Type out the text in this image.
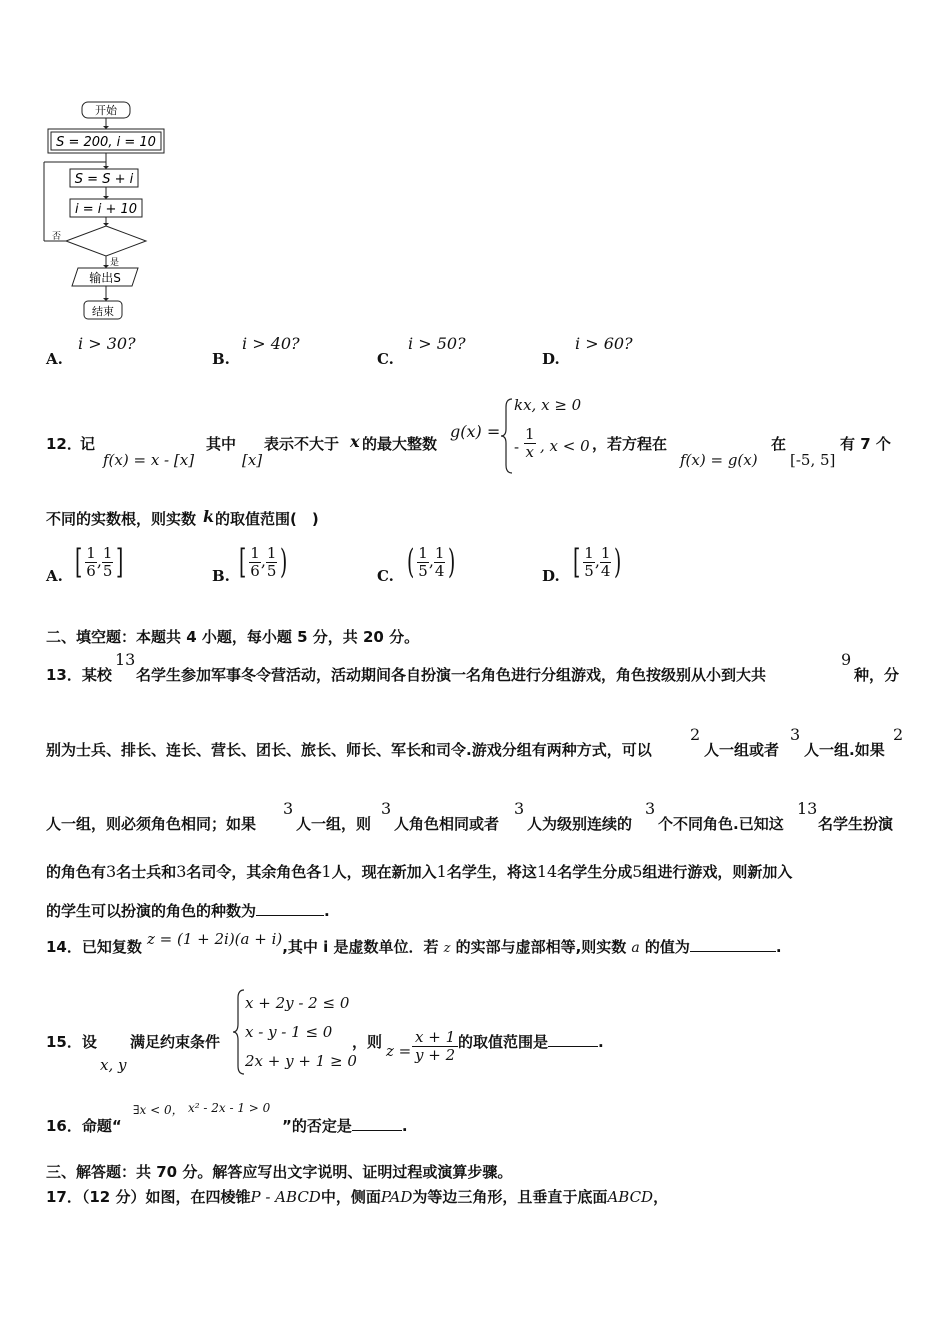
开始
S = 200, i = 10
S = S + i
i = i + 10
否
是
输出S
结束
A.
i > 30?
B.
i > 40?
C.
i > 50?
D.
i > 60?
12．
记
f(x) = x - [x]
其中
[x]
表示不大于 x 的最大整数
g(x) =
kx, x ≥ 0
- $\frac{1}{x}$ , x < 0 ，若方程在
f(x) = g(x)
在
[-5, 5]
有 7 个
不同的实数根，则实数 k 的取值范围(　)
A. [ $\frac{1}{6}$ , $\frac{1}{5}$ ]	B. [ $\frac{1}{6}$ , $\frac{1}{5}$ )	C. ( $\frac{1}{5}$ , $\frac{1}{4}$ )	D. [ $\frac{1}{5}$ , $\frac{1}{4}$ )
二、填空题：本题共 4 小题，每小题 5 分，共 20 分。
13．某校
13
名学生参加军事冬令营活动，活动期间各自扮演一名角色进行分组游戏，角色按级别从小到大共
9
种，分
别为士兵、排长、连长、营长、团长、旅长、师长、军长和司令.游戏分组有两种方式，可以
2
人一组或者
3
人一组.如果
2
人一组，则必须角色相同；如果
3
人一组，则
3
人角色相同或者
3
人为级别连续的
3
个不同角色.已知这
13
名学生扮演
的角色有3名士兵和3名司令，其余角色各1人，现在新加入1名学生，将这14名学生分成5组进行游戏，则新加入
的学生可以扮演的角色的种数为	.
14．已知复数 z = (1 + 2i)(a + i),其中 i 是虚数单位．若 z 的实部与虚部相等,则实数 a 的值为	.
15．设
x, y
满足约束条件
x + 2y - 2 ≤ 0
x - y - 1 ≤ 0
2x + y + 1 ≥ 0
，则 $z = \frac{x + 1}{y + 2}$ 的取值范围是	.
16．命题“
∃x < 0， x² - 2x - 1 > 0
”的否定是	.
三、解答题：共 70 分。解答应写出文字说明、证明过程或演算步骤。
17．（12 分）如图，在四棱锥P - ABCD中，侧面PAD为等边三角形，且垂直于底面ABCD，
